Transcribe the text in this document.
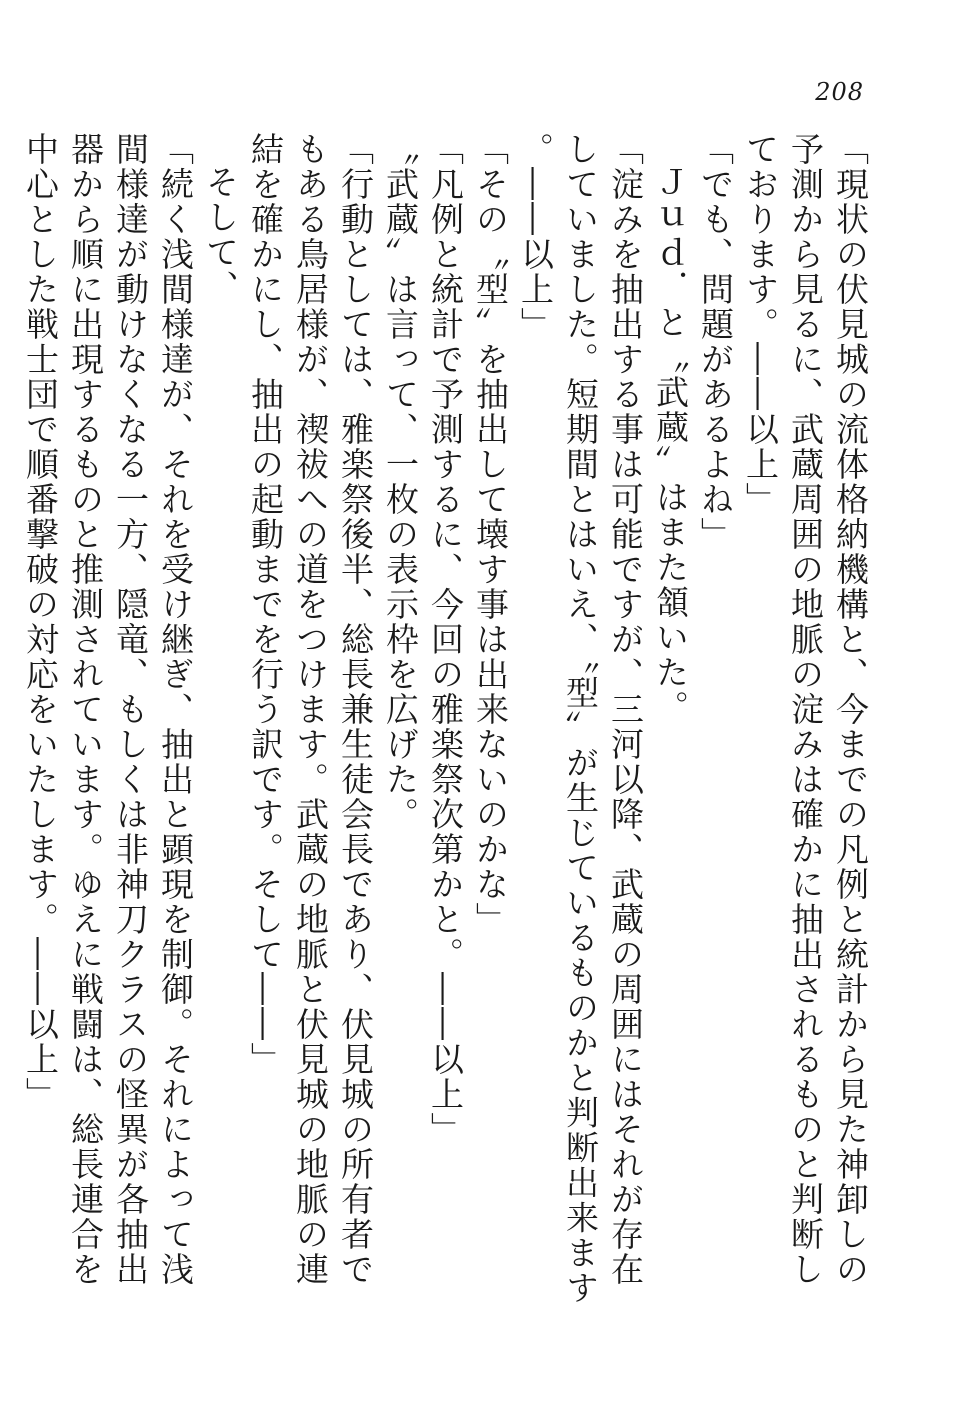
208

「現状の伏見城の流体格納機構と、今までの凡例と統計から見た神卸しの予測から見るに、武蔵周囲の地脈の淀みは確かに抽出されるものと判断しております。――以上」

「でも、問題があるよね」

Ｊｕｄ．と〝武蔵〟はまた頷いた。

「淀みを抽出する事は可能ですが、三河以降、武蔵の周囲にはそれが存在していました。短期間とはいえ、〝型〟が生じているものかと判断出来ます。――以上」

「その〝型〟を抽出して壊す事は出来ないのかな」

「凡例と統計で予測するに、今回の雅楽祭次第かと。――以上」

〝武蔵〟は言って、一枚の表示枠を広げた。

「行動としては、雅楽祭後半、総長兼生徒会長であり、伏見城の所有者でもある鳥居様が、禊祓への道をつけます。武蔵の地脈と伏見城の地脈の連結を確かにし、抽出の起動までを行う訳です。そして――」

そして、

「続く浅間様達が、それを受け継ぎ、抽出と顕現を制御。それによって浅間様達が動けなくなる一方、隠竜、もしくは非神刀クラスの怪異が各抽出器から順に出現するものと推測されています。ゆえに戦闘は、総長連合を中心とした戦士団で順番撃破の対応をいたします。――以上」
